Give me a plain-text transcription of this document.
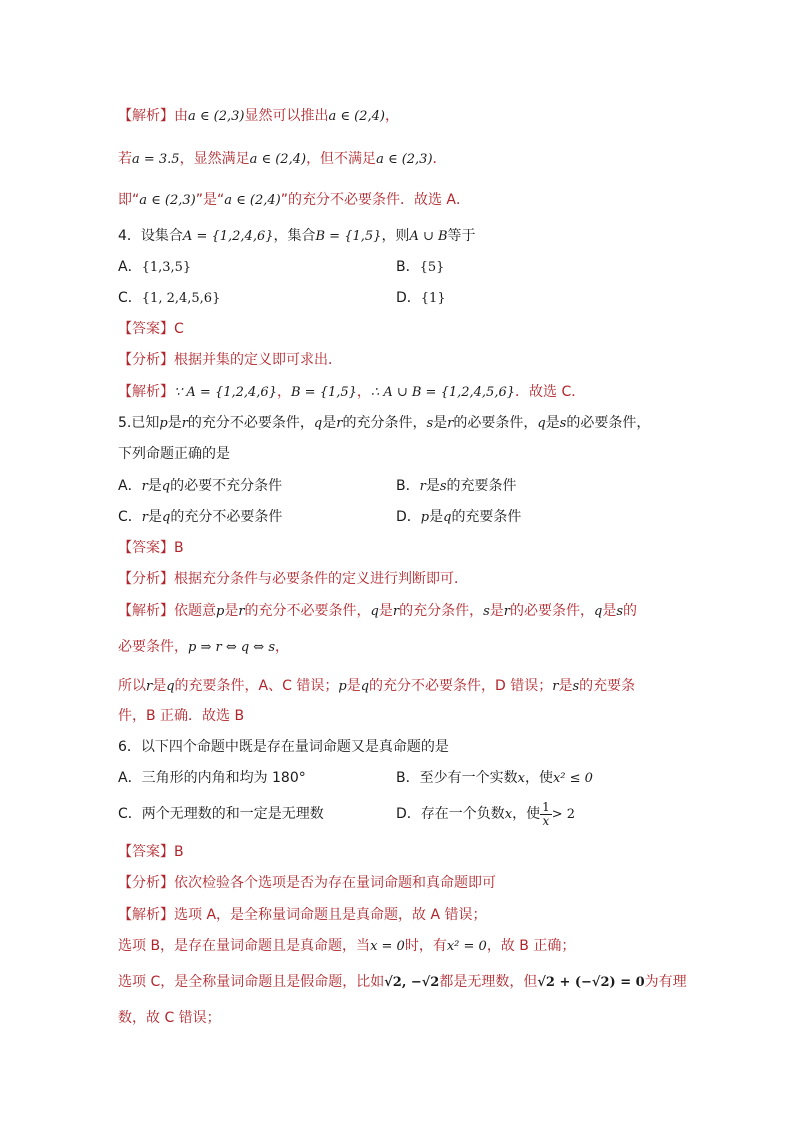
【解析】由a ∈ (2,3)显然可以推出a ∈ (2,4)，
若a = 3.5，显然满足a ∈ (2,4)，但不满足a ∈ (2,3)．
即“a ∈ (2,3)”是“a ∈ (2,4)”的充分不必要条件．故选 A．
4．设集合A = {1,2,4,6}，集合B = {1,5}，则A ∪ B等于
A．{1,3,5}	B．{5}
C．{1, 2,4,5,6}	D．{1}
【答案】C
【分析】根据并集的定义即可求出．
【解析】∵ A = {1,2,4,6}，B = {1,5}，∴ A ∪ B = {1,2,4,5,6}．故选 C．
5.已知p是r的充分不必要条件，q是r的充分条件，s是r的必要条件，q是s的必要条件，
下列命题正确的是
A．r是q的必要不充分条件	B．r是s的充要条件
C．r是q的充分不必要条件	D．p是q的充要条件
【答案】B
【分析】根据充分条件与必要条件的定义进行判断即可．
【解析】依题意p是r的充分不必要条件，q是r的充分条件，s是r的必要条件，q是s的
必要条件，p ⇒ r ⇔ q ⇔ s，
所以r是q的充要条件，A、C 错误；p是q的充分不必要条件，D 错误；r是s的充要条
件，B 正确．故选 B
6．以下四个命题中既是存在量词命题又是真命题的是
A．三角形的内角和均为 180°	B．至少有一个实数x，使x² ≤ 0
C．两个无理数的和一定是无理数	D．存在一个负数x，使 $\frac{1}{x} > 2$
【答案】B
【分析】依次检验各个选项是否为存在量词命题和真命题即可
【解析】选项 A，是全称量词命题且是真命题，故 A 错误；
选项 B，是存在量词命题且是真命题，当x = 0时，有x² = 0，故 B 正确；
选项 C，是全称量词命题且是假命题，比如√2, −√2都是无理数，但√2 + (−√2) = 0为有理
数，故 C 错误；
